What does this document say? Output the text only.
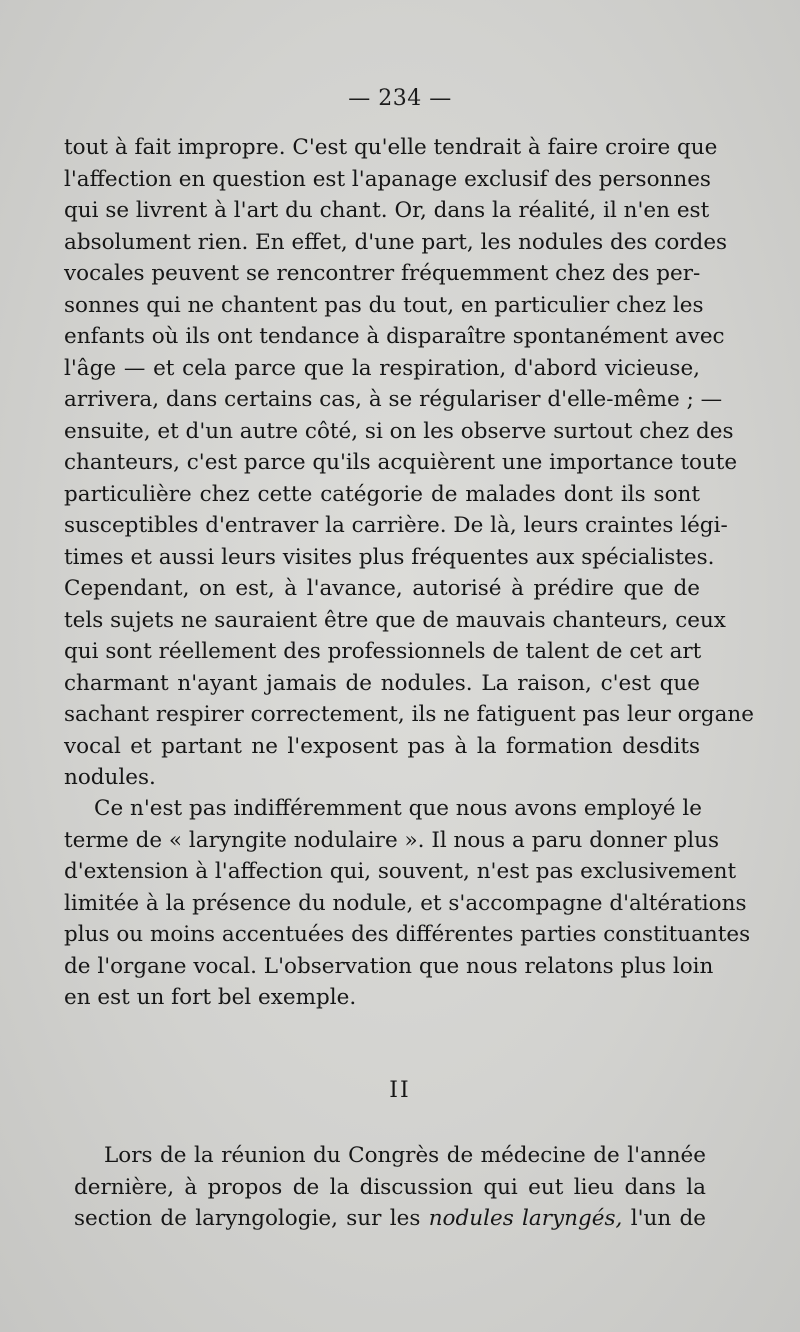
— 234 —
tout à fait impropre. C'est qu'elle tendrait à faire croire que
l'affection en question est l'apanage exclusif des personnes
qui se livrent à l'art du chant. Or, dans la réalité, il n'en est
absolument rien. En effet, d'une part, les nodules des cordes
vocales peuvent se rencontrer fréquemment chez des per-
sonnes qui ne chantent pas du tout, en particulier chez les
enfants où ils ont tendance à disparaître spontanément avec
l'âge — et cela parce que la respiration, d'abord vicieuse,
arrivera, dans certains cas, à se régulariser d'elle-même ; —
ensuite, et d'un autre côté, si on les observe surtout chez des
chanteurs, c'est parce qu'ils acquièrent une importance toute
particulière chez cette catégorie de malades dont ils sont
susceptibles d'entraver la carrière. De là, leurs craintes légi-
times et aussi leurs visites plus fréquentes aux spécialistes.
Cependant, on est, à l'avance, autorisé à prédire que de
tels sujets ne sauraient être que de mauvais chanteurs, ceux
qui sont réellement des professionnels de talent de cet art
charmant n'ayant jamais de nodules. La raison, c'est que
sachant respirer correctement, ils ne fatiguent pas leur organe
vocal et partant ne l'exposent pas à la formation desdits
nodules.
Ce n'est pas indifféremment que nous avons employé le
terme de « laryngite nodulaire ». Il nous a paru donner plus
d'extension à l'affection qui, souvent, n'est pas exclusivement
limitée à la présence du nodule, et s'accompagne d'altérations
plus ou moins accentuées des différentes parties constituantes
de l'organe vocal. L'observation que nous relatons plus loin
en est un fort bel exemple.
II
Lors de la réunion du Congrès de médecine de l'année
dernière, à propos de la discussion qui eut lieu dans la
section de laryngologie, sur les nodules laryngés, l'un de
